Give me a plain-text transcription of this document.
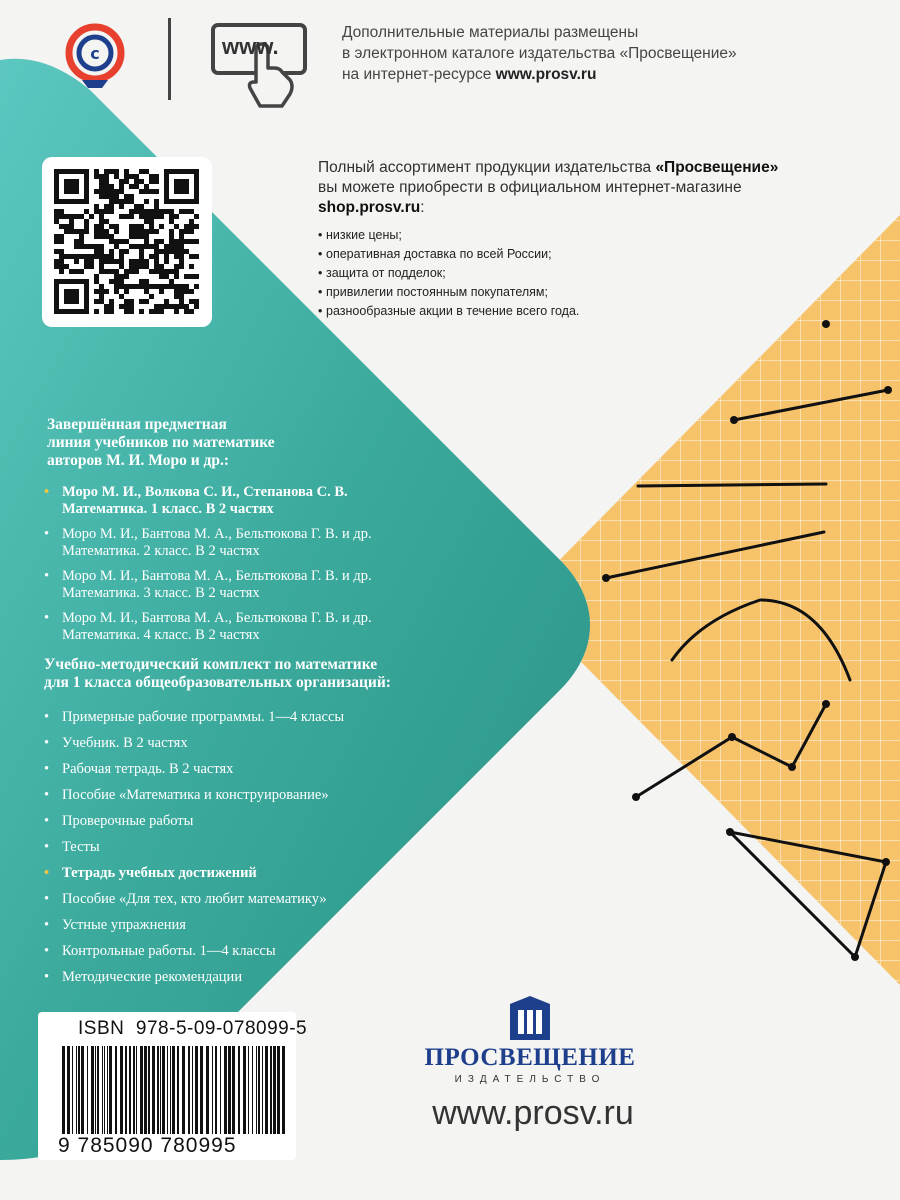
c	www.
Дополнительные материалы размещены
в электронном каталоге издательства «Просвещение»
на интернет-ресурсе www.prosv.ru
Полный ассортимент продукции издательства «Просвещение»
вы можете приобрести в официальном интернет-магазине
shop.prosv.ru:
• низкие цены;
• оперативная доставка по всей России;
• защита от подделок;
• привилегии постоянным покупателям;
• разнообразные акции в течение всего года.
Завершённая предметная
линия учебников по математике
авторов М. И. Моро и др.:
• Моро М. И., Волкова С. И., Степанова С. В.
Математика. 1 класс. В 2 частях
• Моро М. И., Бантова М. А., Бельтюкова Г. В. и др.
Математика. 2 класс. В 2 частях
• Моро М. И., Бантова М. А., Бельтюкова Г. В. и др.
Математика. 3 класс. В 2 частях
• Моро М. И., Бантова М. А., Бельтюкова Г. В. и др.
Математика. 4 класс. В 2 частях
Учебно-методический комплект по математике
для 1 класса общеобразовательных организаций:
• Примерные рабочие программы. 1—4 классы
• Учебник. В 2 частях
• Рабочая тетрадь. В 2 частях
• Пособие «Математика и конструирование»
• Проверочные работы
• Тесты
• Тетрадь учебных достижений
• Пособие «Для тех, кто любит математику»
• Устные упражнения
• Контрольные работы. 1—4 классы
• Методические рекомендации
ISBN 978-5-09-078099-5
9 785090 780995
ПРОСВЕЩЕНИЕ
ИЗДАТЕЛЬСТВО
www.prosv.ru
